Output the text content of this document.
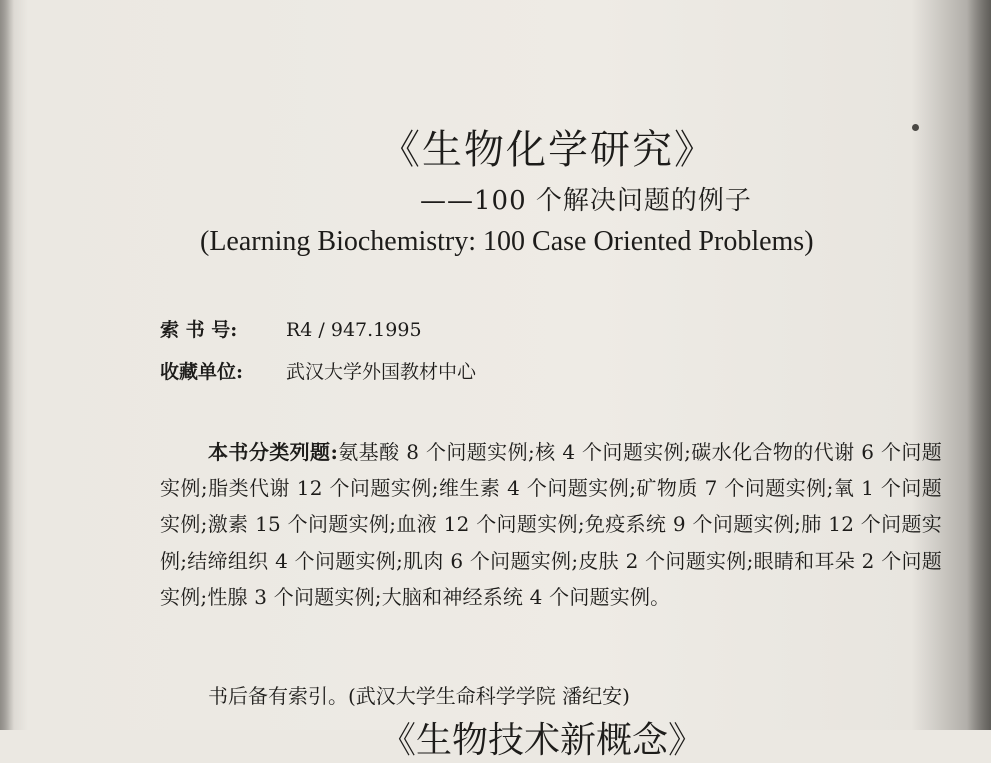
《生物化学研究》
——100 个解决问题的例子
(Learning Biochemistry: 100 Case Oriented Problems)
索 书 号:	R4 / 947.1995
收藏单位: 武汉大学外国教材中心
本书分类列题:氨基酸 8 个问题实例;核 4 个问题实例;碳水化合物的代谢 6 个问题实例;脂类代谢 12 个问题实例;维生素 4 个问题实例;矿物质 7 个问题实例;氧 1 个问题实例;激素 15 个问题实例;血液 12 个问题实例;免疫系统 9 个问题实例;肺 12 个问题实例;结缔组织 4 个问题实例;肌肉 6 个问题实例;皮肤 2 个问题实例;眼睛和耳朵 2 个问题实例;性腺 3 个问题实例;大脑和神经系统 4 个问题实例。
书后备有索引。(武汉大学生命科学学院 潘纪安)
《生物技术新概念》
